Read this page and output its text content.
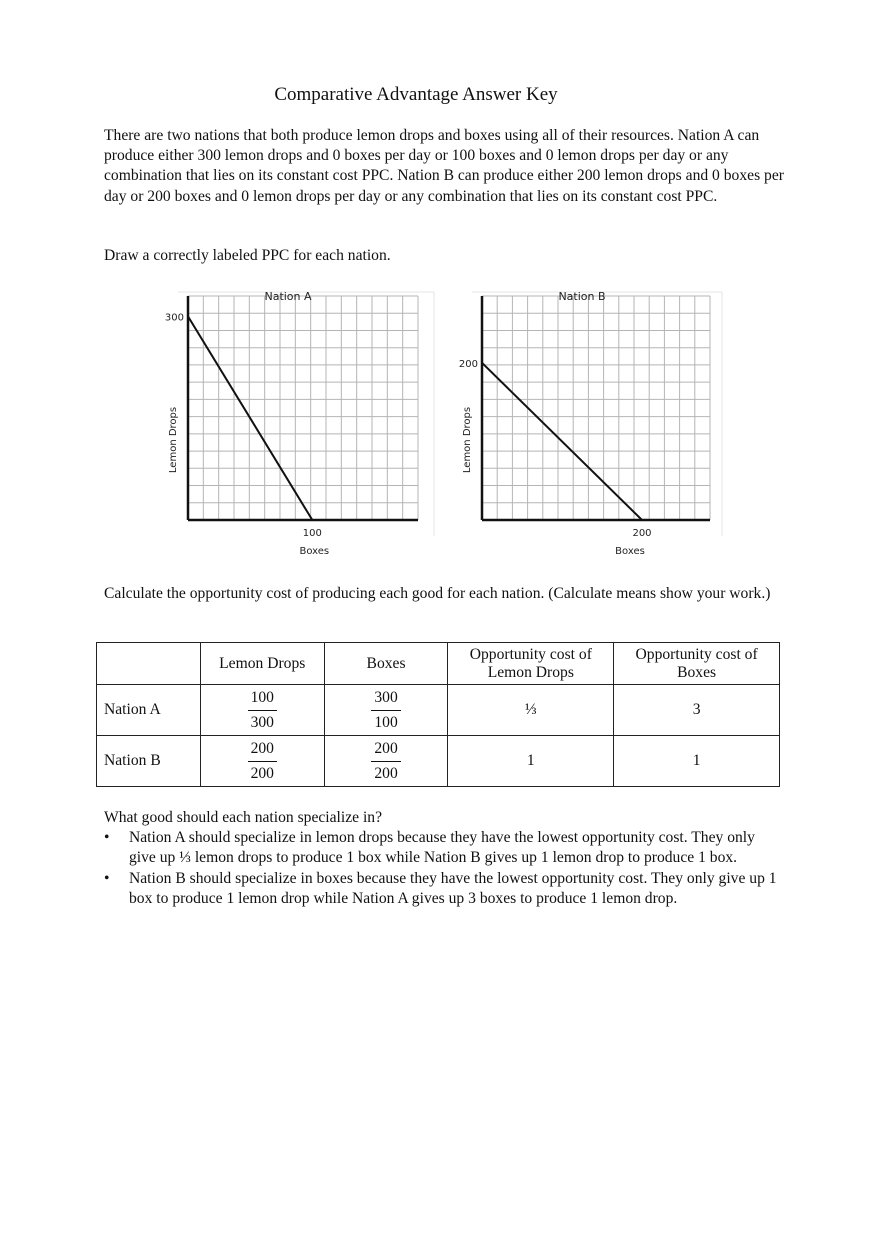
Comparative Advantage Answer Key

There are two nations that both produce lemon drops and boxes using all of their resources. Nation A can produce either 300 lemon drops and 0 boxes per day or 100 boxes and 0 lemon drops per day or any combination that lies on its constant cost PPC. Nation B can produce either 200 lemon drops and 0 boxes per day or 200 boxes and 0 lemon drops per day or any combination that lies on its constant cost PPC.

Draw a correctly labeled PPC for each nation.

Nation A
300
100
Boxes
Lemon Drops
Nation B
200
200
Boxes
Lemon Drops

Calculate the opportunity cost of producing each good for each nation. (Calculate means show your work.)

	Lemon Drops	Boxes	Opportunity cost of Lemon Drops	Opportunity cost of Boxes
Nation A	$\frac{100}{300}$	$\frac{300}{100}$	⅓	3
Nation B	$\frac{200}{200}$	$\frac{200}{200}$	1	1
What good should each nation specialize in?
• Nation A should specialize in lemon drops because they have the lowest opportunity cost. They only give up ⅓ lemon drops to produce 1 box while Nation B gives up 1 lemon drop to produce 1 box.
• Nation B should specialize in boxes because they have the lowest opportunity cost. They only give up 1 box to produce 1 lemon drop while Nation A gives up 3 boxes to produce 1 lemon drop.
